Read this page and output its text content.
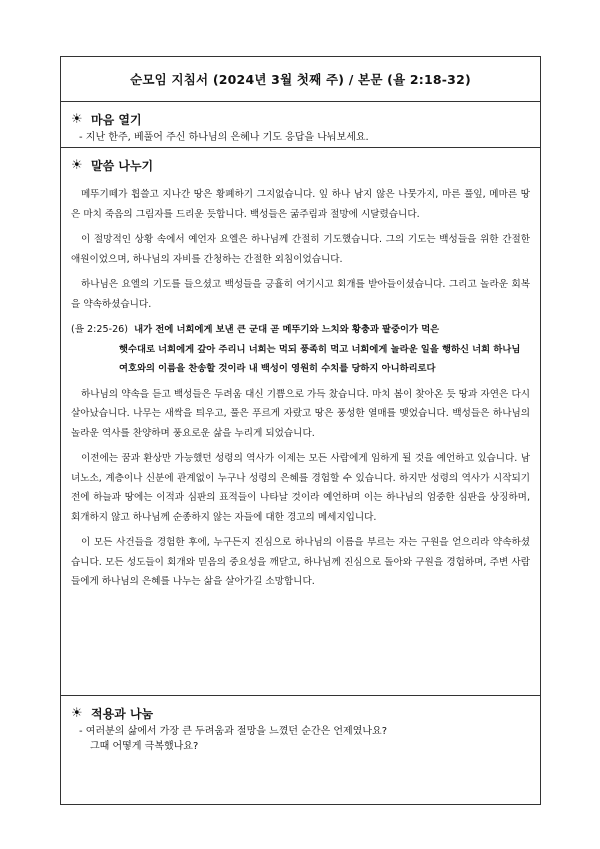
순모임 지침서 (2024년 3월 첫째 주) / 본문 (욜 2:18-32)
☀ 마음 열기
- 지난 한주, 베풀어 주신 하나님의 은혜나 기도 응답을 나눠보세요.
☀ 말씀 나누기

메뚜기떼가 휩쓸고 지나간 땅은 황폐하기 그지없습니다. 잎 하나 남지 않은 나뭇가지, 마른 풀잎, 메마른 땅은 마치 죽음의 그림자를 드리운 듯합니다. 백성들은 굶주림과 절망에 시달렸습니다.

이 절망적인 상황 속에서 예언자 요엘은 하나님께 간절히 기도했습니다. 그의 기도는 백성들을 위한 간절한 애원이었으며, 하나님의 자비를 간청하는 간절한 외침이었습니다.

하나님은 요엘의 기도를 들으셨고 백성들을 긍휼히 여기시고 회개를 받아들이셨습니다. 그리고 놀라운 회복을 약속하셨습니다.

(욜 2:25-26) 내가 전에 너희에게 보낸 큰 군대 곧 메뚜기와 느치와 황충과 팥중이가 먹은
햇수대로 너희에게 갚아 주리니 너희는 먹되 풍족히 먹고 너희에게 놀라운 일을 행하신 너희 하나님 여호와의 이름을 찬송할 것이라 내 백성이 영원히 수치를 당하지 아니하리로다

하나님의 약속을 듣고 백성들은 두려움 대신 기쁨으로 가득 찼습니다. 마치 봄이 찾아온 듯 땅과 자연은 다시 살아났습니다. 나무는 새싹을 틔우고, 풀은 푸르게 자랐고 땅은 풍성한 열매를 맺었습니다. 백성들은 하나님의 놀라운 역사를 찬양하며 풍요로운 삶을 누리게 되었습니다.

이전에는 꿈과 환상만 가능했던 성령의 역사가 이제는 모든 사람에게 임하게 될 것을 예언하고 있습니다. 남녀노소, 계층이나 신분에 관계없이 누구나 성령의 은혜를 경험할 수 있습니다. 하지만 성령의 역사가 시작되기 전에 하늘과 땅에는 이적과 심판의 표적들이 나타날 것이라 예언하며 이는 하나님의 엄중한 심판을 상징하며, 회개하지 않고 하나님께 순종하지 않는 자들에 대한 경고의 메세지입니다.

이 모든 사건들을 경험한 후에, 누구든지 진심으로 하나님의 이름을 부르는 자는 구원을 얻으리라 약속하셨습니다. 모든 성도들이 회개와 믿음의 중요성을 깨닫고, 하나님께 진심으로 돌아와 구원을 경험하며, 주변 사람들에게 하나님의 은혜를 나누는 삶을 살아가길 소망합니다.

☀ 적용과 나눔
- 여러분의 삶에서 가장 큰 두려움과 절망을 느꼈던 순간은 언제였나요?
그때 어떻게 극복했나요?
